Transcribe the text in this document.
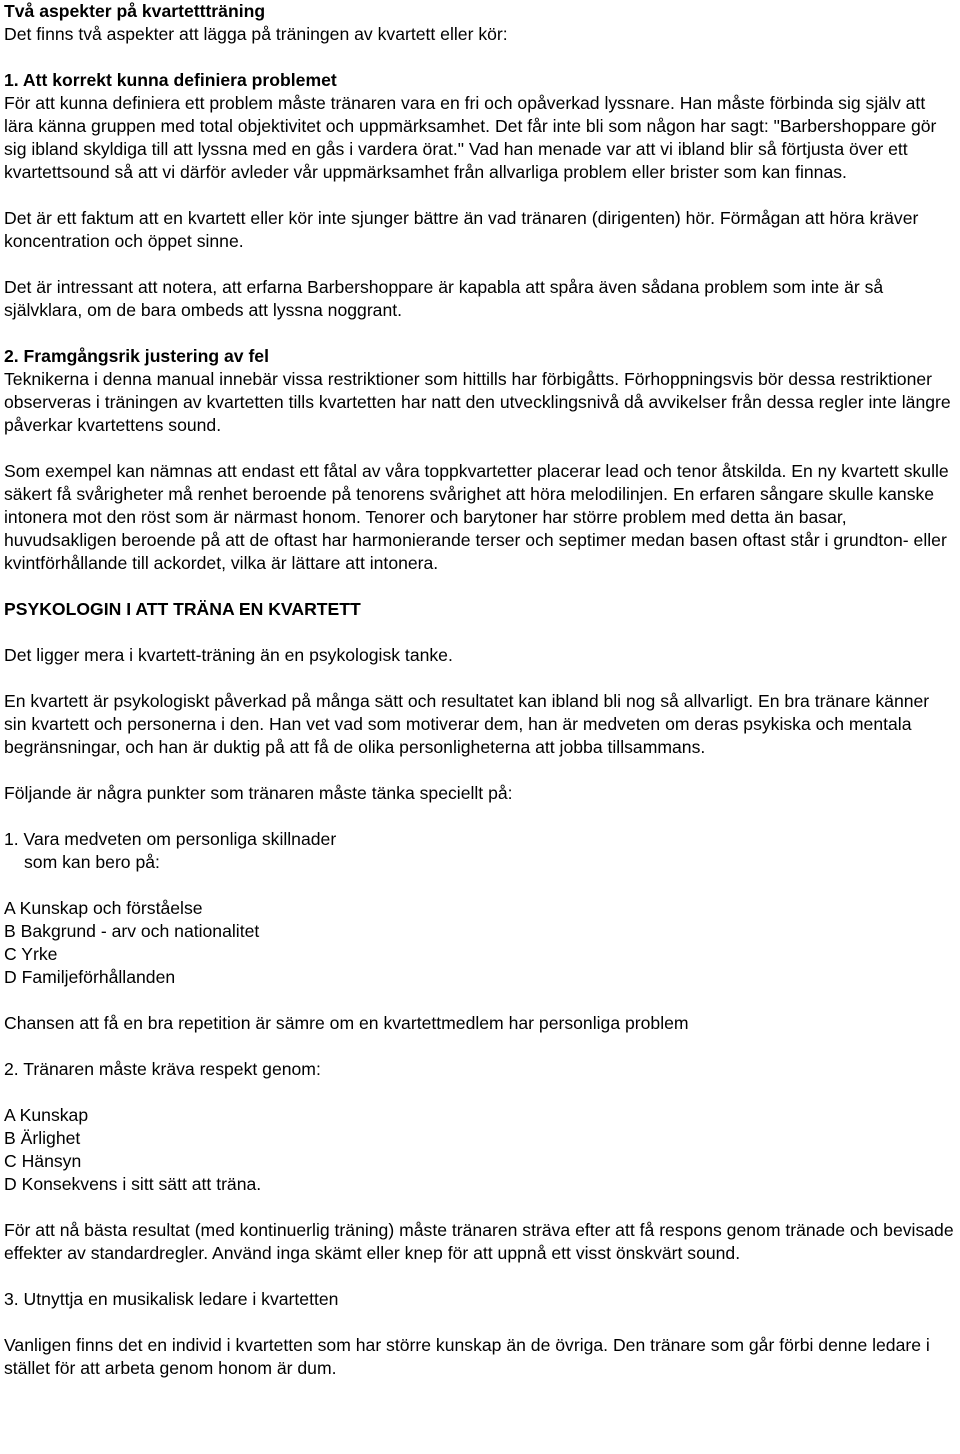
Två aspekter på kvartettträning

Det finns två aspekter att lägga på träningen av kvartett eller kör:

1. Att korrekt kunna definiera problemet

För att kunna definiera ett problem måste tränaren vara en fri och opåverkad lyssnare. Han måste förbinda sig själv att lära känna gruppen med total objektivitet och uppmärksamhet. Det får inte bli som någon har sagt: "Barbershoppare gör sig ibland skyldiga till att lyssna med en gås i vardera örat." Vad han menade var att vi ibland blir så förtjusta över ett kvartettsound så att vi därför avleder vår uppmärksamhet från allvarliga problem eller brister som kan finnas.

Det är ett faktum att en kvartett eller kör inte sjunger bättre än vad tränaren (dirigenten) hör. Förmågan att höra kräver koncentration och öppet sinne.

Det är intressant att notera, att erfarna Barbershoppare är kapabla att spåra även sådana problem som inte är så självklara, om de bara ombeds att lyssna noggrant.

2. Framgångsrik justering av fel

Teknikerna i denna manual innebär vissa restriktioner som hittills har förbigåtts. Förhoppningsvis bör dessa restriktioner observeras i träningen av kvartetten tills kvartetten har natt den utvecklingsnivå då avvikelser från dessa regler inte längre påverkar kvartettens sound.

Som exempel kan nämnas att endast ett fåtal av våra toppkvartetter placerar lead och tenor åtskilda. En ny kvartett skulle säkert få svårigheter må renhet beroende på tenorens svårighet att höra melodilinjen. En erfaren sångare skulle kanske intonera mot den röst som är närmast honom. Tenorer och barytoner har större problem med detta än basar, huvudsakligen beroende på att de oftast har harmonierande terser och septimer medan basen oftast står i grundton- eller kvintförhållande till ackordet, vilka är lättare att intonera.

PSYKOLOGIN I ATT TRÄNA EN KVARTETT

Det ligger mera i kvartett-träning än en psykologisk tanke.

En kvartett är psykologiskt påverkad på många sätt och resultatet kan ibland bli nog så allvarligt. En bra tränare känner sin kvartett och personerna i den. Han vet vad som motiverar dem, han är medveten om deras psykiska och mentala begränsningar, och han är duktig på att få de olika personligheterna att jobba tillsammans.

Följande är några punkter som tränaren måste tänka speciellt på:

1. Vara medveten om personliga skillnader

som kan bero på:

A Kunskap och förståelse

B Bakgrund - arv och nationalitet

C Yrke

D Familjeförhållanden

Chansen att få en bra repetition är sämre om en kvartettmedlem har personliga problem

2. Tränaren måste kräva respekt genom:

A Kunskap

B Ärlighet

C Hänsyn

D Konsekvens i sitt sätt att träna.

För att nå bästa resultat (med kontinuerlig träning) måste tränaren sträva efter att få respons genom tränade och bevisade effekter av standardregler. Använd inga skämt eller knep för att uppnå ett visst önskvärt sound.

3. Utnyttja en musikalisk ledare i kvartetten

Vanligen finns det en individ i kvartetten som har större kunskap än de övriga. Den tränare som går förbi denne ledare i stället för att arbeta genom honom är dum.
